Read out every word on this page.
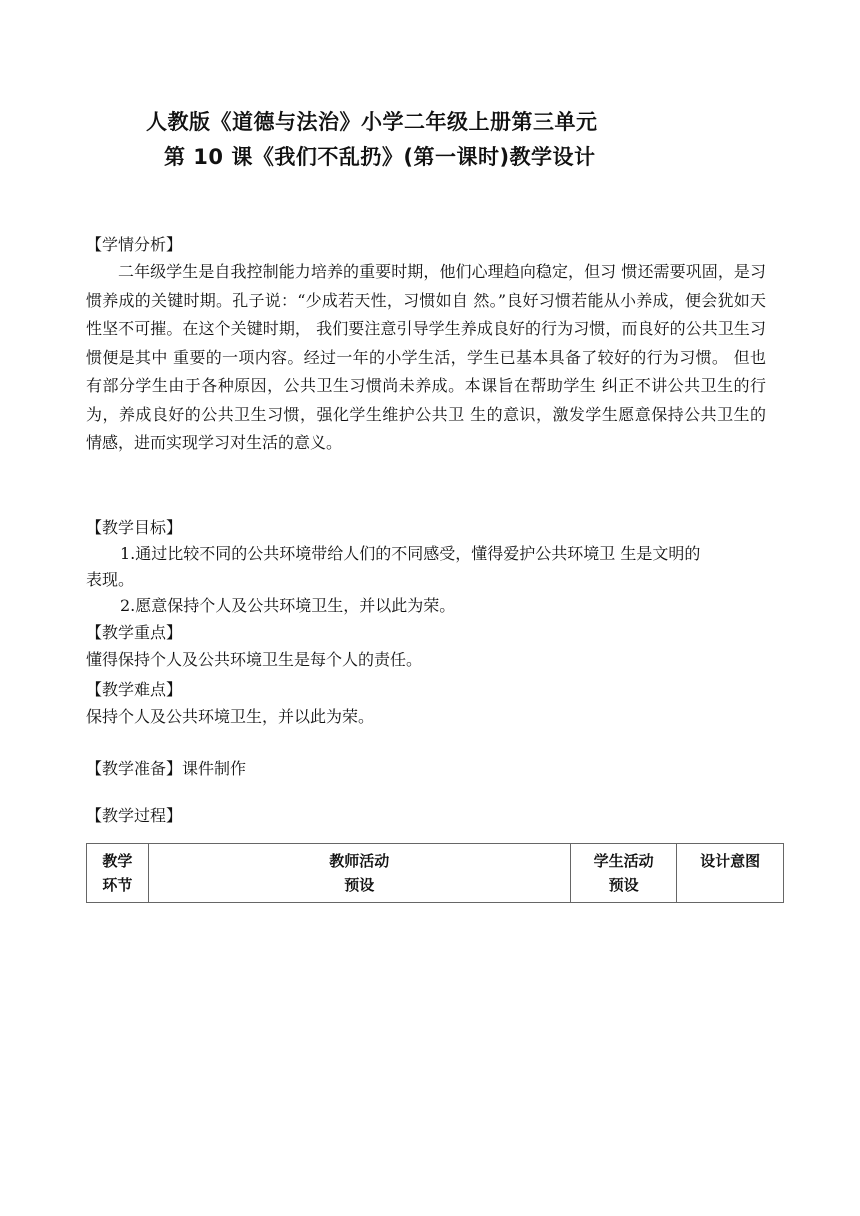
人教版《道德与法治》小学二年级上册第三单元
第 10 课《我们不乱扔》(第一课时)教学设计
【学情分析】
二年级学生是自我控制能力培养的重要时期，他们心理趋向稳定，但习 惯还需要巩固，是习惯养成的关键时期。孔子说：“少成若天性，习惯如自 然。”良好习惯若能从小养成，便会犹如天性坚不可摧。在这个关键时期， 我们要注意引导学生养成良好的行为习惯，而良好的公共卫生习惯便是其中 重要的一项内容。经过一年的小学生活，学生已基本具备了较好的行为习惯。 但也有部分学生由于各种原因，公共卫生习惯尚未养成。本课旨在帮助学生 纠正不讲公共卫生的行为，养成良好的公共卫生习惯，强化学生维护公共卫 生的意识，激发学生愿意保持公共卫生的 情感，进而实现学习对生活的意义。
【教学目标】
1.通过比较不同的公共环境带给人们的不同感受，懂得爱护公共环境卫 生是文明的
表现。
2.愿意保持个人及公共环境卫生，并以此为荣。
【教学重点】
懂得保持个人及公共环境卫生是每个人的责任。
【教学难点】
保持个人及公共环境卫生，并以此为荣。
【教学准备】课件制作
【教学过程】
教学
环节

教师活动
预设

学生活动
预设

设计意图
